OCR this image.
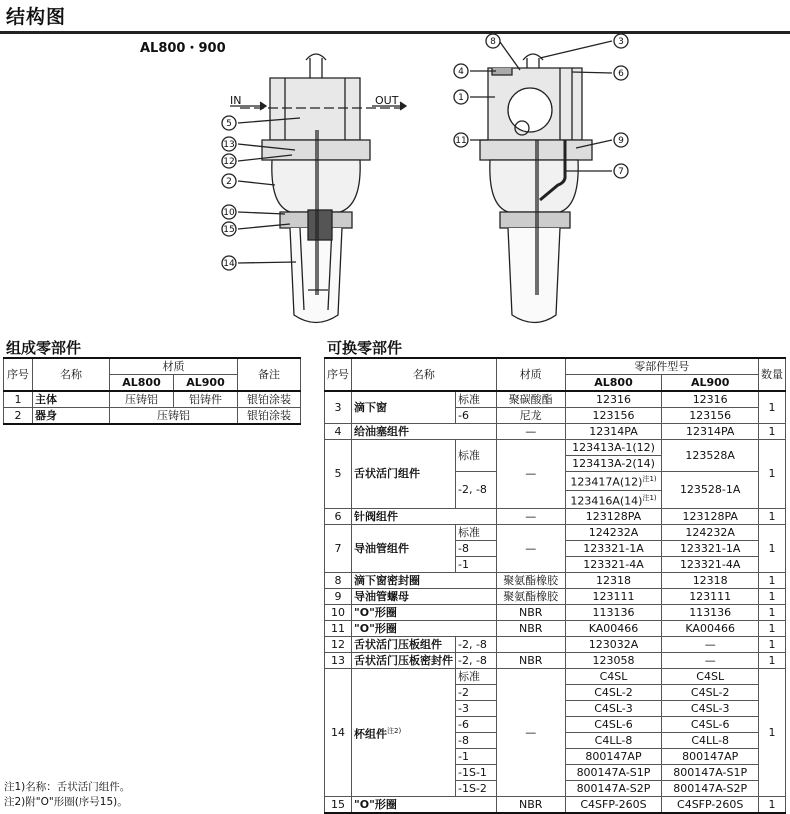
结构图
AL800・900
IN	OUT
5
13
12
2
10
15
14
8	3
4	6
1
11	9
7
组成零部件
序号	名称	材质		备注
		AL800	AL900	
1	主体	压铸铝	铝铸件	银铂涂装
2	器身	压铸铝		银铂涂装
可换零部件
序号	名称		材质	零部件型号		数量
				AL800	AL900	
3	滴下窗	标准	聚碳酸酯	12316	12316	1
		-6	尼龙	123156	123156	
4	给油塞组件		—	12314PA	12314PA	1
5	舌状活门组件	标准	—	123413A-1(12)	123528A	1
				123413A-2(14)		
		-2, -8		$123417A(12)^{注1)}$	123528-1A	
				$123416A(14)^{注1)}$
6	针阀组件		—	123128PA	123128PA	1
7	导油管组件	标准	—	124232A	124232A	1
		-8		123321-1A	123321-1A	
		-1		123321-4A	123321-4A	
8	滴下窗密封圈		聚氨酯橡胶	12318	12318	1
9	导油管螺母		聚氨酯橡胶	123111	123111	1
10	"O"形圈		NBR	113136	113136	1
11	"O"形圈		NBR	KA00466	KA00466	1
12	舌状活门压板组件	-2, -8		123032A	—	1
13	舌状活门压板密封件	-2, -8	NBR	123058	—	1
14	杯组件$^{注2)}$	标准	—	C4SL	C4SL	1
		-2		C4SL-2	C4SL-2	
		-3		C4SL-3	C4SL-3	
		-6		C4SL-6	C4SL-6	
		-8		C4LL-8	C4LL-8	
		-1		800147AP	800147AP	
		-1S-1		800147A-S1P	800147A-S1P	
		-1S-2		800147A-S2P	800147A-S2P	
15	"O"形圈		NBR	C4SFP-260S	C4SFP-260S	1
注1)名称：舌状活门组件。
注2)附"O"形圈(序号15)。
